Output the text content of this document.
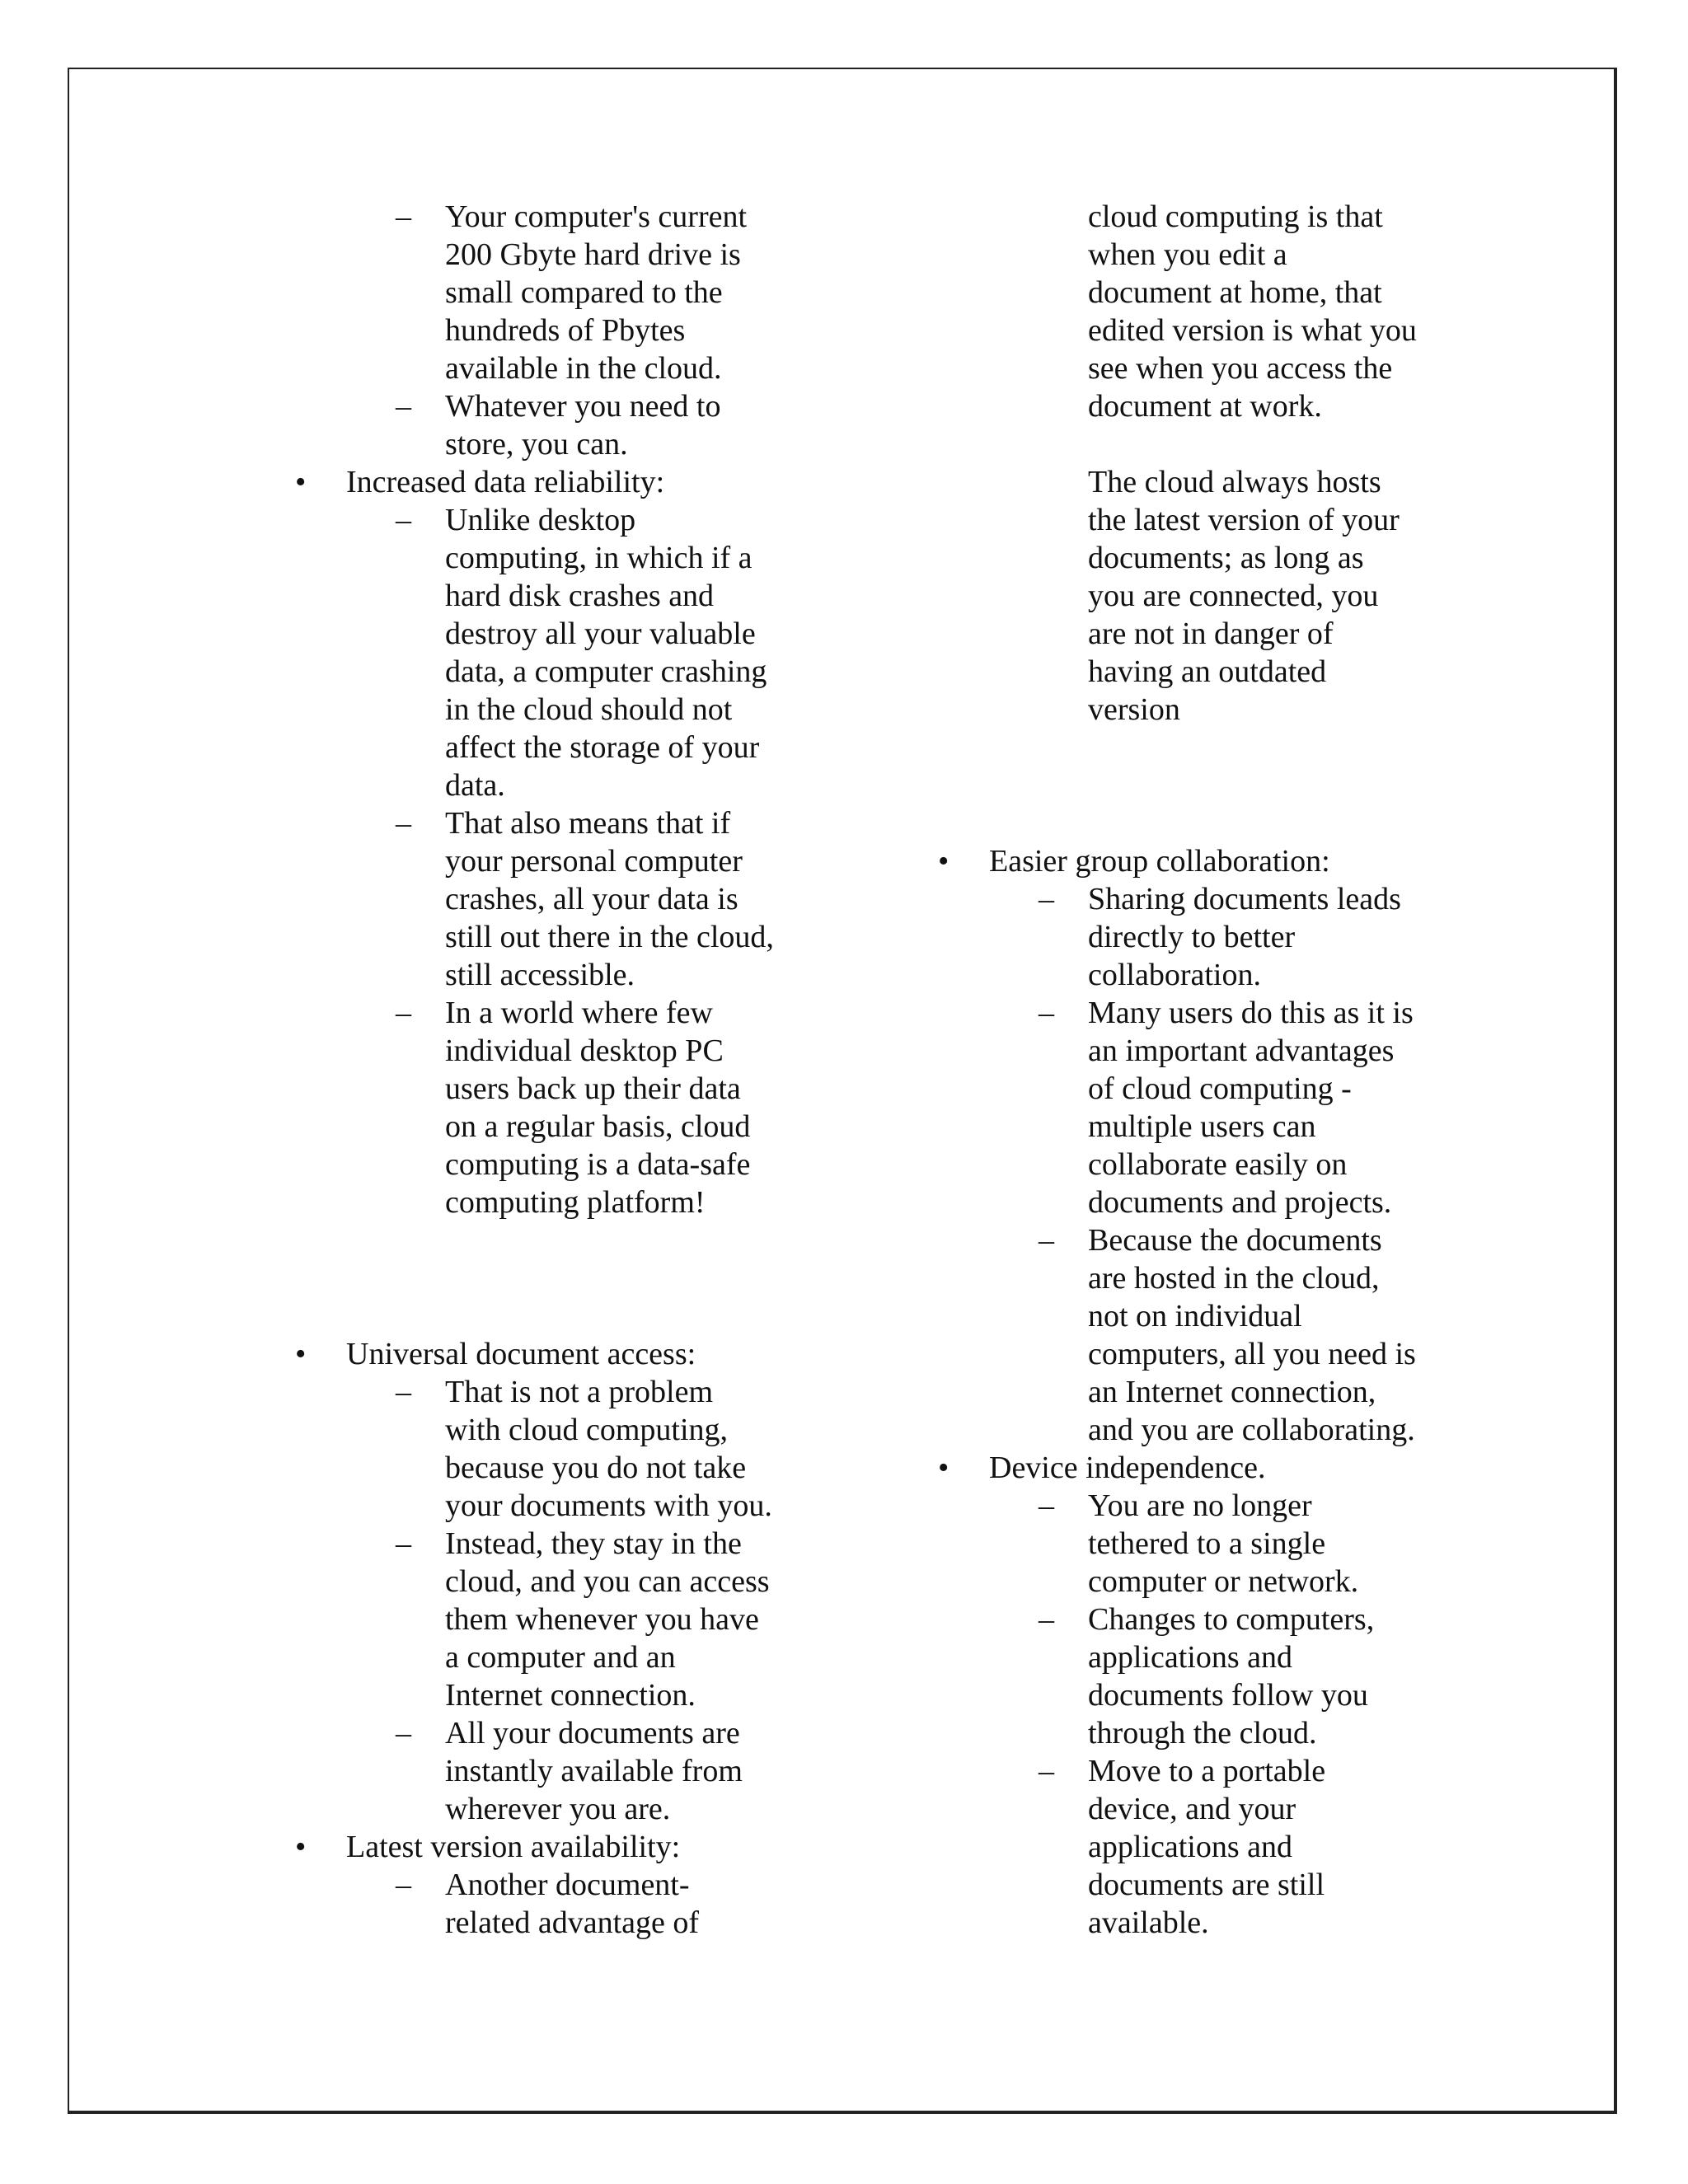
– Your computer's current
200 Gbyte hard drive is
small compared to the
hundreds of Pbytes
available in the cloud.
– Whatever you need to
store, you can.
• Increased data reliability:
– Unlike desktop
computing, in which if a
hard disk crashes and
destroy all your valuable
data, a computer crashing
in the cloud should not
affect the storage of your
data.
– That also means that if
your personal computer
crashes, all your data is
still out there in the cloud,
still accessible.
– In a world where few
individual desktop PC
users back up their data
on a regular basis, cloud
computing is a data-safe
computing platform!
• Universal document access:
– That is not a problem
with cloud computing,
because you do not take
your documents with you.
– Instead, they stay in the
cloud, and you can access
them whenever you have
a computer and an
Internet connection.
– All your documents are
instantly available from
wherever you are.
• Latest version availability:
– Another document-
related advantage of
cloud computing is that
when you edit a
document at home, that
edited version is what you
see when you access the
document at work.
The cloud always hosts
the latest version of your
documents; as long as
you are connected, you
are not in danger of
having an outdated
version
• Easier group collaboration:
– Sharing documents leads
directly to better
collaboration.
– Many users do this as it is
an important advantages
of cloud computing -
multiple users can
collaborate easily on
documents and projects.
– Because the documents
are hosted in the cloud,
not on individual
computers, all you need is
an Internet connection,
and you are collaborating.
• Device independence.
– You are no longer
tethered to a single
computer or network.
– Changes to computers,
applications and
documents follow you
through the cloud.
– Move to a portable
device, and your
applications and
documents are still
available.
